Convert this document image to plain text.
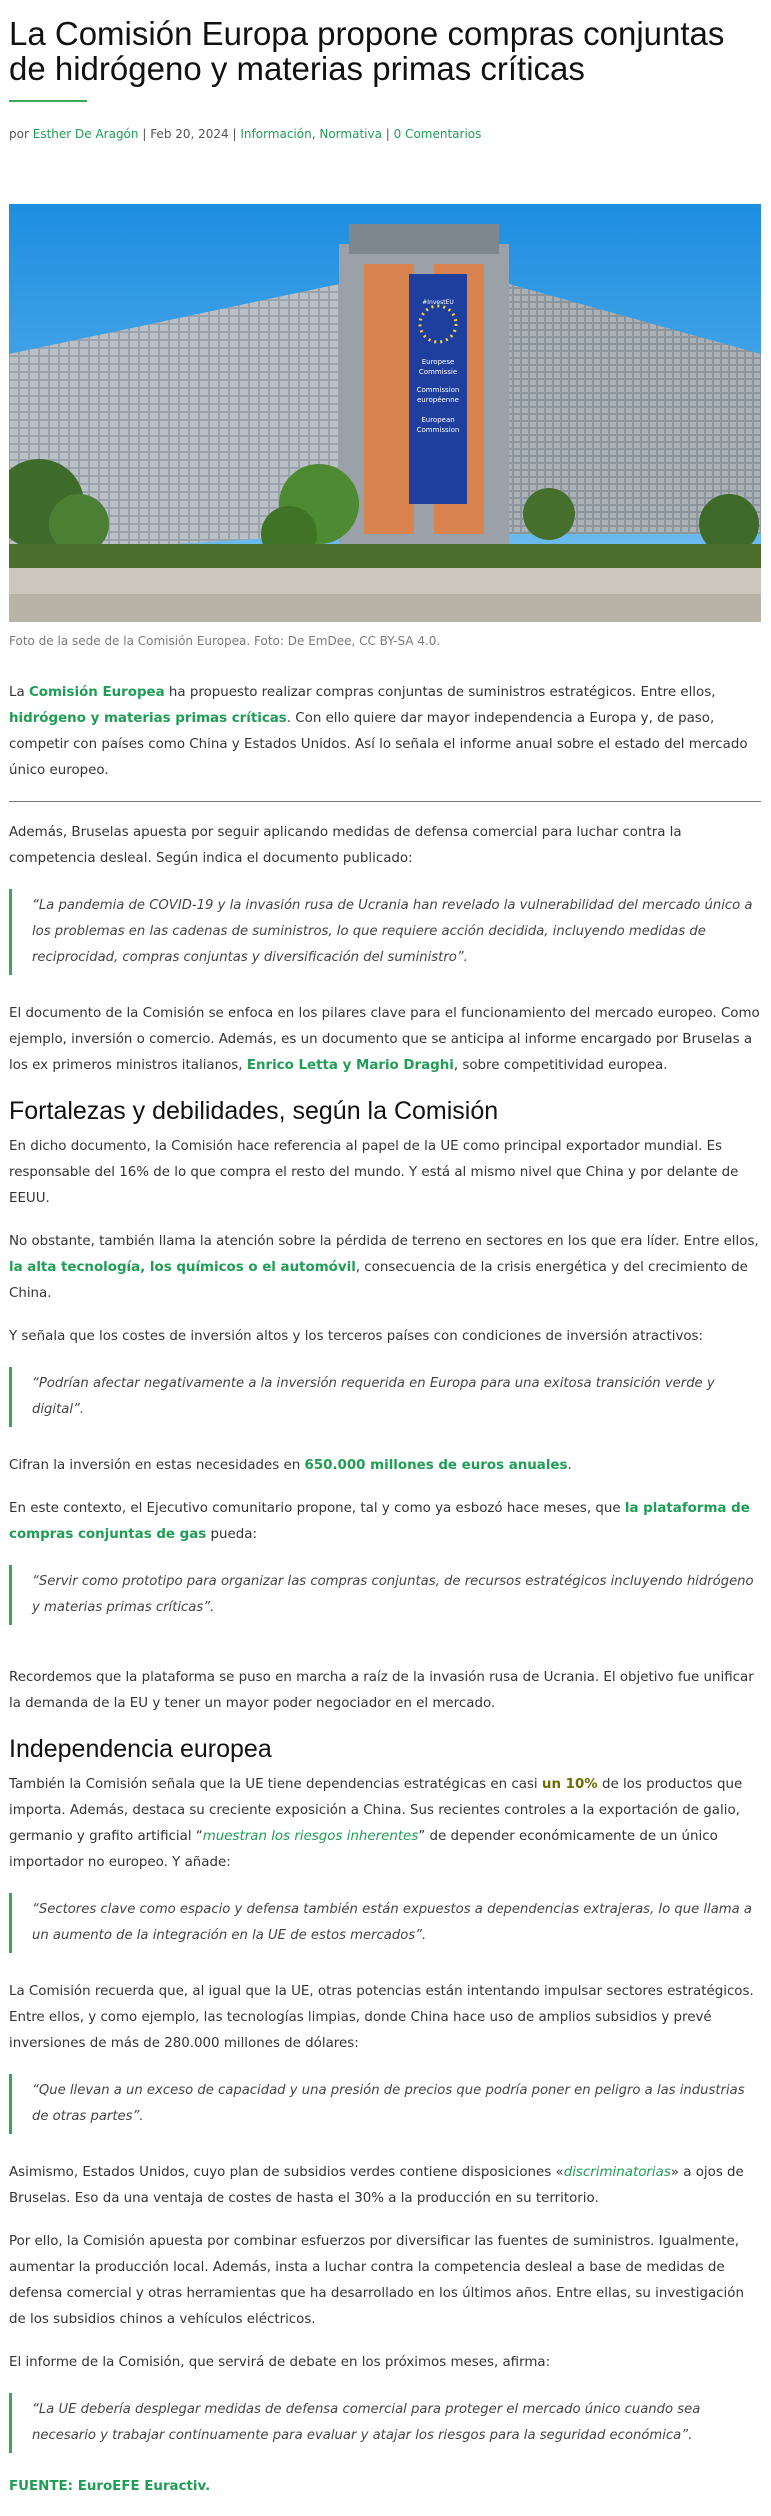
La Comisión Europa propone compras conjuntas de hidrógeno y materias primas críticas
por Esther De Aragón | Feb 20, 2024 | Información, Normativa | 0 Comentarios
#InvestEU
Europese
Commissie
Commission
européenne
European
Commission
Foto de la sede de la Comisión Europea. Foto: De EmDee, CC BY-SA 4.0.

La Comisión Europea ha propuesto realizar compras conjuntas de suministros estratégicos. Entre ellos, hidrógeno y materias primas críticas. Con ello quiere dar mayor independencia a Europa y, de paso, competir con países como China y Estados Unidos. Así lo señala el informe anual sobre el estado del mercado único europeo.

Además, Bruselas apuesta por seguir aplicando medidas de defensa comercial para luchar contra la competencia desleal. Según indica el documento publicado:

“La pandemia de COVID-19 y la invasión rusa de Ucrania han revelado la vulnerabilidad del mercado único a los problemas en las cadenas de suministros, lo que requiere acción decidida, incluyendo medidas de reciprocidad, compras conjuntas y diversificación del suministro”.

El documento de la Comisión se enfoca en los pilares clave para el funcionamiento del mercado europeo. Como ejemplo, inversión o comercio. Además, es un documento que se anticipa al informe encargado por Bruselas a los ex primeros ministros italianos, Enrico Letta y Mario Draghi, sobre competitividad europea.

Fortalezas y debilidades, según la Comisión

En dicho documento, la Comisión hace referencia al papel de la UE como principal exportador mundial. Es responsable del 16% de lo que compra el resto del mundo. Y está al mismo nivel que China y por delante de EEUU.

No obstante, también llama la atención sobre la pérdida de terreno en sectores en los que era líder. Entre ellos, la alta tecnología, los químicos o el automóvil, consecuencia de la crisis energética y del crecimiento de China.

Y señala que los costes de inversión altos y los terceros países con condiciones de inversión atractivos:

“Podrían afectar negativamente a la inversión requerida en Europa para una exitosa transición verde y digital”.

Cifran la inversión en estas necesidades en 650.000 millones de euros anuales.

En este contexto, el Ejecutivo comunitario propone, tal y como ya esbozó hace meses, que la plataforma de compras conjuntas de gas pueda:

“Servir como prototipo para organizar las compras conjuntas, de recursos estratégicos incluyendo hidrógeno y materias primas críticas”.

Recordemos que la plataforma se puso en marcha a raíz de la invasión rusa de Ucrania. El objetivo fue unificar la demanda de la EU y tener un mayor poder negociador en el mercado.

Independencia europea

También la Comisión señala que la UE tiene dependencias estratégicas en casi un 10% de los productos que importa. Además, destaca su creciente exposición a China. Sus recientes controles a la exportación de galio, germanio y grafito artificial “muestran los riesgos inherentes” de depender económicamente de un único importador no europeo. Y añade:

“Sectores clave como espacio y defensa también están expuestos a dependencias extrajeras, lo que llama a un aumento de la integración en la UE de estos mercados”.

La Comisión recuerda que, al igual que la UE, otras potencias están intentando impulsar sectores estratégicos. Entre ellos, y como ejemplo, las tecnologías limpias, donde China hace uso de amplios subsidios y prevé inversiones de más de 280.000 millones de dólares:

“Que llevan a un exceso de capacidad y una presión de precios que podría poner en peligro a las industrias de otras partes”.

Asimismo, Estados Unidos, cuyo plan de subsidios verdes contiene disposiciones «discriminatorias» a ojos de Bruselas. Eso da una ventaja de costes de hasta el 30% a la producción en su territorio.

Por ello, la Comisión apuesta por combinar esfuerzos por diversificar las fuentes de suministros. Igualmente, aumentar la producción local. Además, insta a luchar contra la competencia desleal a base de medidas de defensa comercial y otras herramientas que ha desarrollado en los últimos años. Entre ellas, su investigación de los subsidios chinos a vehículos eléctricos.

El informe de la Comisión, que servirá de debate en los próximos meses, afirma:

“La UE debería desplegar medidas de defensa comercial para proteger el mercado único cuando sea necesario y trabajar continuamente para evaluar y atajar los riesgos para la seguridad económica”.
FUENTE: EuroEFE Euractiv.
